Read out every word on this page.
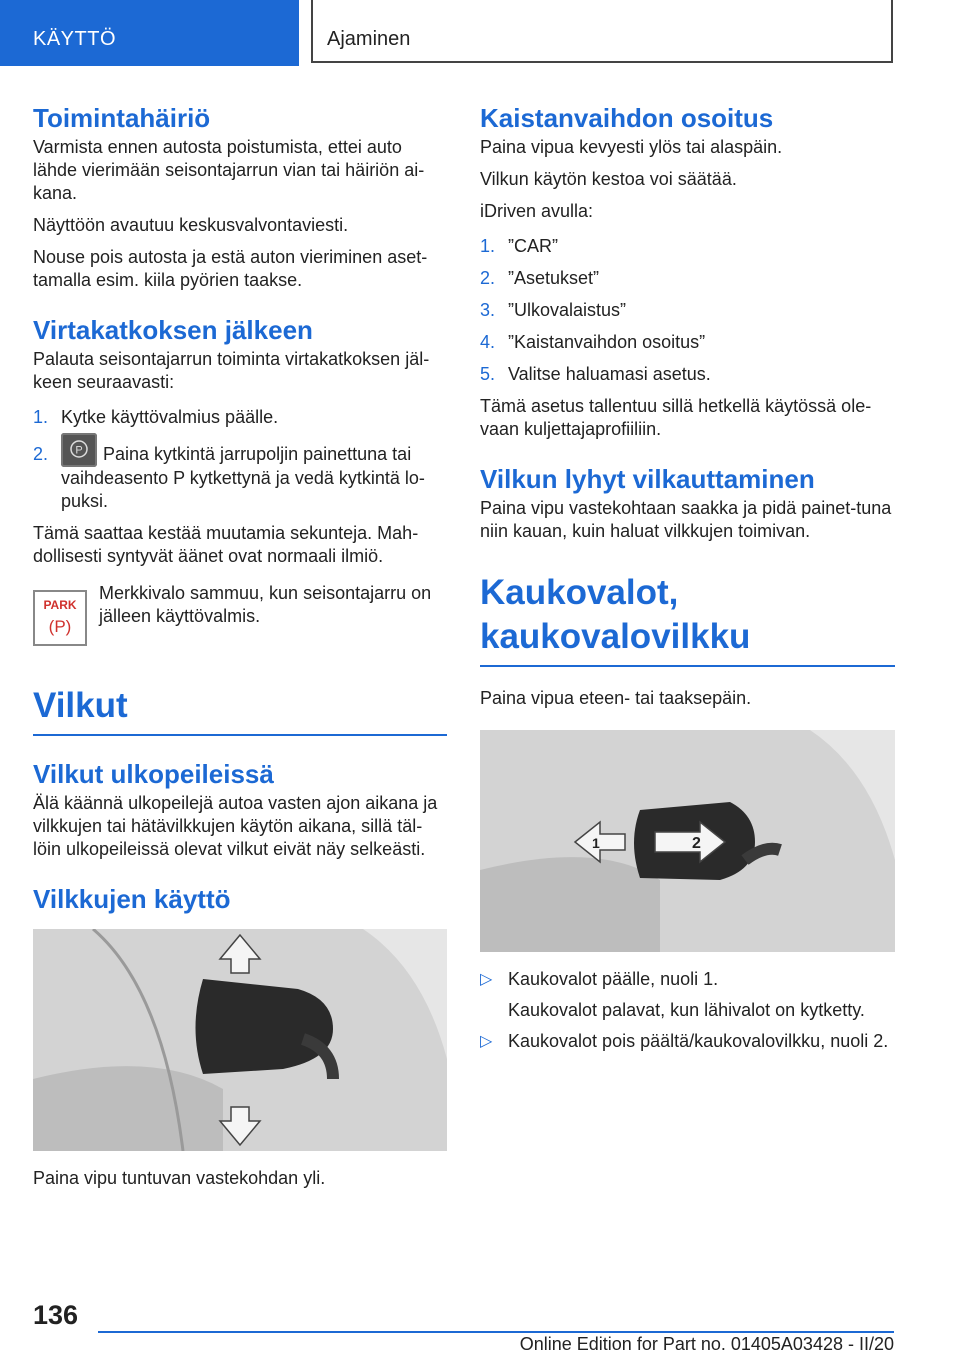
KÄYTTÖ	Ajaminen
Toimintahäiriö

Varmista ennen autosta poistumista, ettei auto lähde vierimään seisontajarrun vian tai häiriön ai-kana.

Näyttöön avautuu keskusvalvontaviesti.

Nouse pois autosta ja estä auton vieriminen aset-tamalla esim. kiila pyörien taakse.

Virtakatkoksen jälkeen

Palauta seisontajarrun toiminta virtakatkoksen jäl-keen seuraavasti:

1. Kytke käyttövalmius päälle.
2. P Paina kytkintä jarrupoljin painettuna tai vaihdeasento P kytkettynä ja vedä kytkintä lo-puksi.

Tämä saattaa kestää muutamia sekunteja. Mah-dollisesti syntyvät äänet ovat normaali ilmiö.

PARK
(P)

Merkkivalo sammuu, kun seisontajarru on jälleen käyttövalmis.

Vilkut
Vilkut ulkopeileissä

Älä käännä ulkopeilejä autoa vasten ajon aikana ja vilkkujen tai hätävilkkujen käytön aikana, sillä täl-löin ulkopeileissä olevat vilkut eivät näy selkeästi.

Vilkkujen käyttö

Paina vipu tuntuvan vastekohdan yli.

Kaistanvaihdon osoitus

Paina vipua kevyesti ylös tai alaspäin.

Vilkun käytön kestoa voi säätää.

iDriven avulla:

1. ”CAR”
2. ”Asetukset”
3. ”Ulkovalaistus”
4. ”Kaistanvaihdon osoitus”
5. Valitse haluamasi asetus.

Tämä asetus tallentuu sillä hetkellä käytössä ole-vaan kuljettajaprofiiliin.

Vilkun lyhyt vilkauttaminen

Paina vipu vastekohtaan saakka ja pidä painet-tuna niin kauan, kuin haluat vilkkujen toimivan.

Kaukovalot,
kaukovalovilkku

Paina vipua eteen- tai taaksepäin.

1	2
▷ Kaukovalot päälle, nuoli 1.
Kaukovalot palavat, kun lähivalot on kytketty.
▷ Kaukovalot pois päältä/kaukovalovilkku, nuoli 2.
136
Online Edition for Part no. 01405A03428 - II/20
